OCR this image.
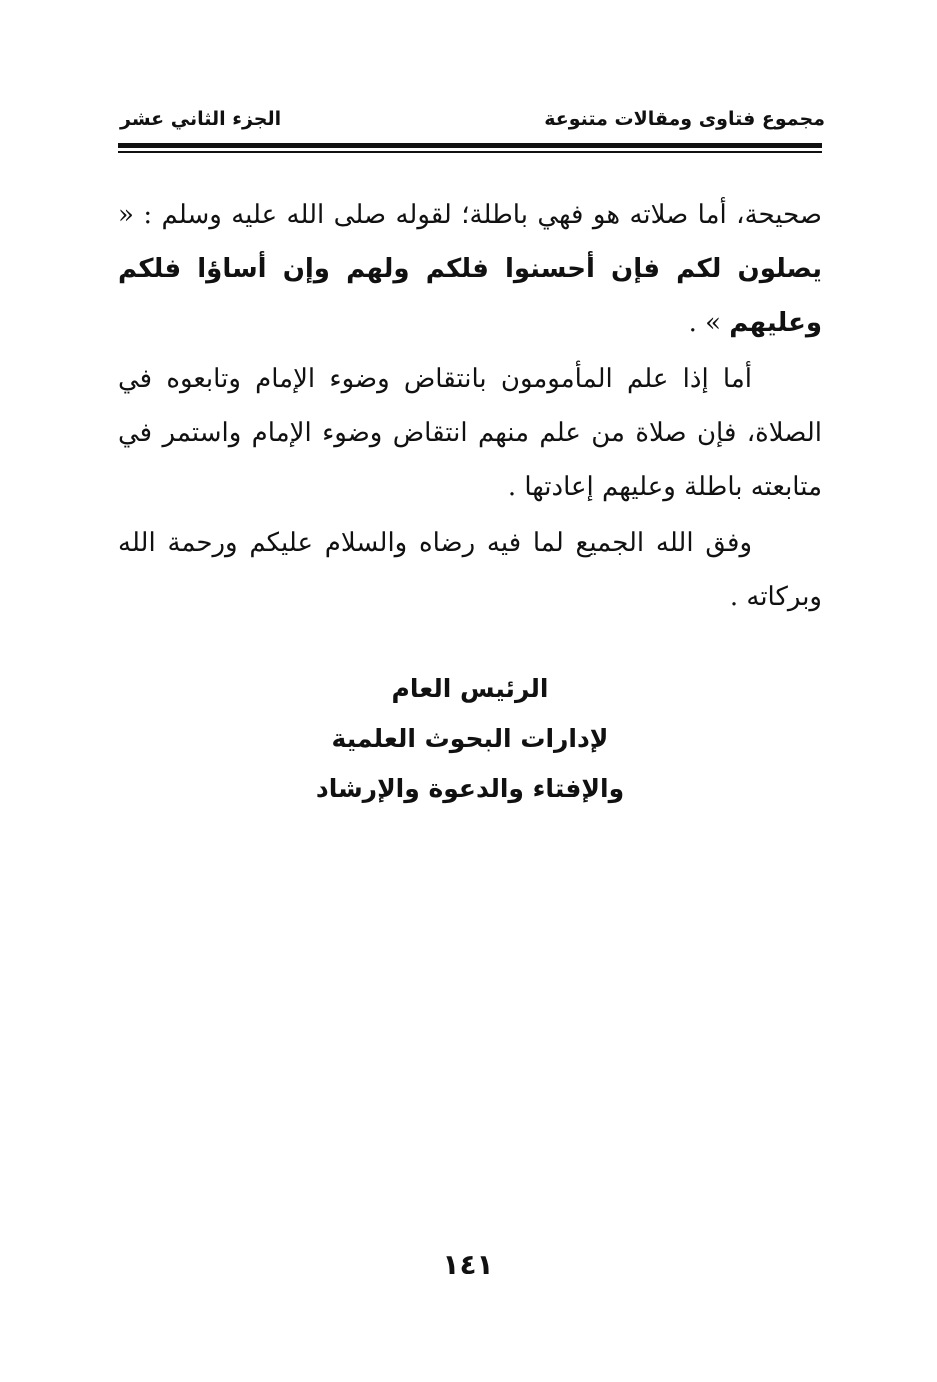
مجموع فتاوى ومقالات متنوعة
الجزء الثاني عشر

صحيحة، أما صلاته هو فهي باطلة؛ لقوله صلى الله عليه وسلم : « يصلون لكم فإن أحسنوا فلكم ولهم وإن أساؤا فلكم وعليهم » .

أما إذا علم المأمومون بانتقاض وضوء الإمام وتابعوه في الصلاة، فإن صلاة من علم منهم انتقاض وضوء الإمام واستمر في متابعته باطلة وعليهم إعادتها .

وفق الله الجميع لما فيه رضاه والسلام عليكم ورحمة الله وبركاته .

الرئيس العام
لإدارات البحوث العلمية
والإفتاء والدعوة والإرشاد
١٤١
